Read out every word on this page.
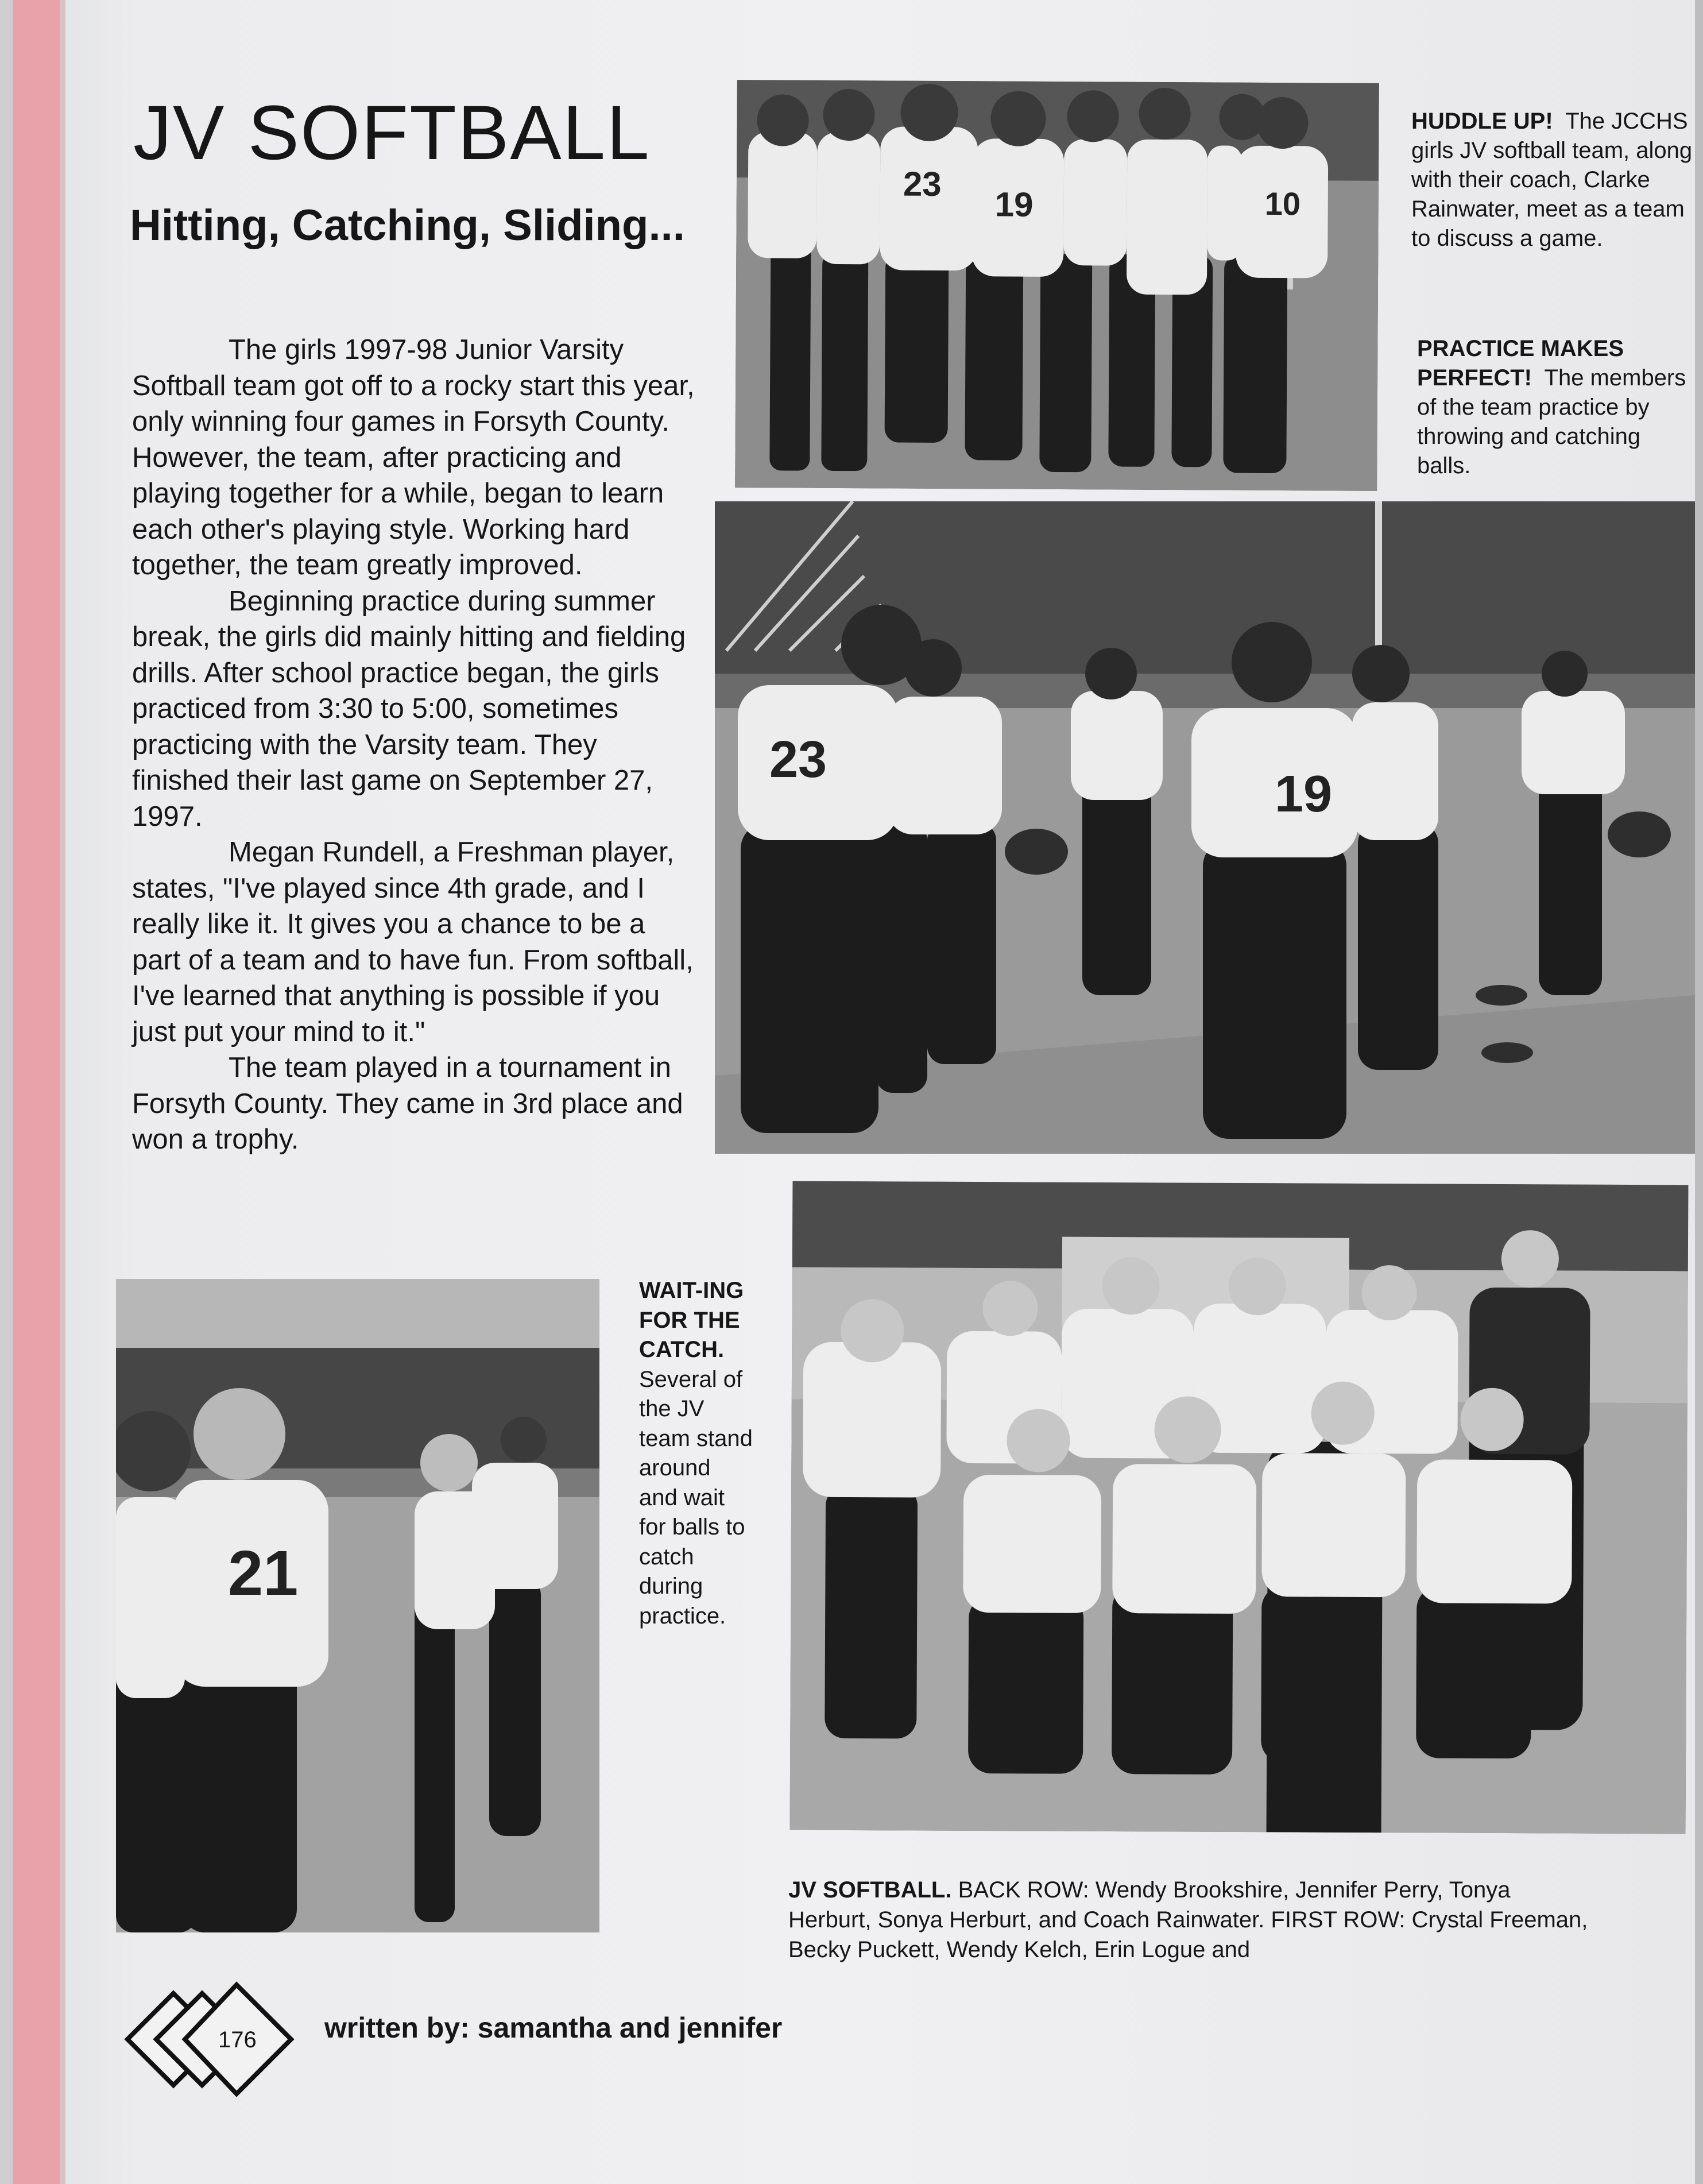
JV SOFTBALL
Hitting, Catching, Sliding...

The girls 1997-98 Junior Varsity Softball team got off to a rocky start this year, only winning four games in Forsyth County. However, the team, after practicing and playing together for a while, began to learn each other's playing style. Working hard together, the team greatly improved.

Beginning practice during summer break, the girls did mainly hitting and fielding drills. After school practice began, the girls practiced from 3:30 to 5:00, sometimes practicing with the Varsity team. They finished their last game on September 27, 1997.

Megan Rundell, a Freshman player, states, "I've played since 4th grade, and I really like it. It gives you a chance to be a part of a team and to have fun. From softball, I've learned that anything is possible if you just put your mind to it."

The team played in a tournament in Forsyth County. They came in 3rd place and won a trophy.

23
19	10
23
19
21
HUDDLE UP! The JCCHS girls JV softball team, along with their coach, Clarke Rainwater, meet as a team to discuss a game.
PRACTICE MAKES PERFECT! The members of the team practice by throwing and catching balls.
WAIT-ING FOR THE CATCH.
Several of the JV team stand around and wait for balls to catch during practice.
JV SOFTBALL. BACK ROW: Wendy Brookshire, Jennifer Perry, Tonya
Herburt, Sonya Herburt, and Coach Rainwater. FIRST ROW: Crystal Freeman,
Becky Puckett, Wendy Kelch, Erin Logue and
176 written by: samantha and jennifer
